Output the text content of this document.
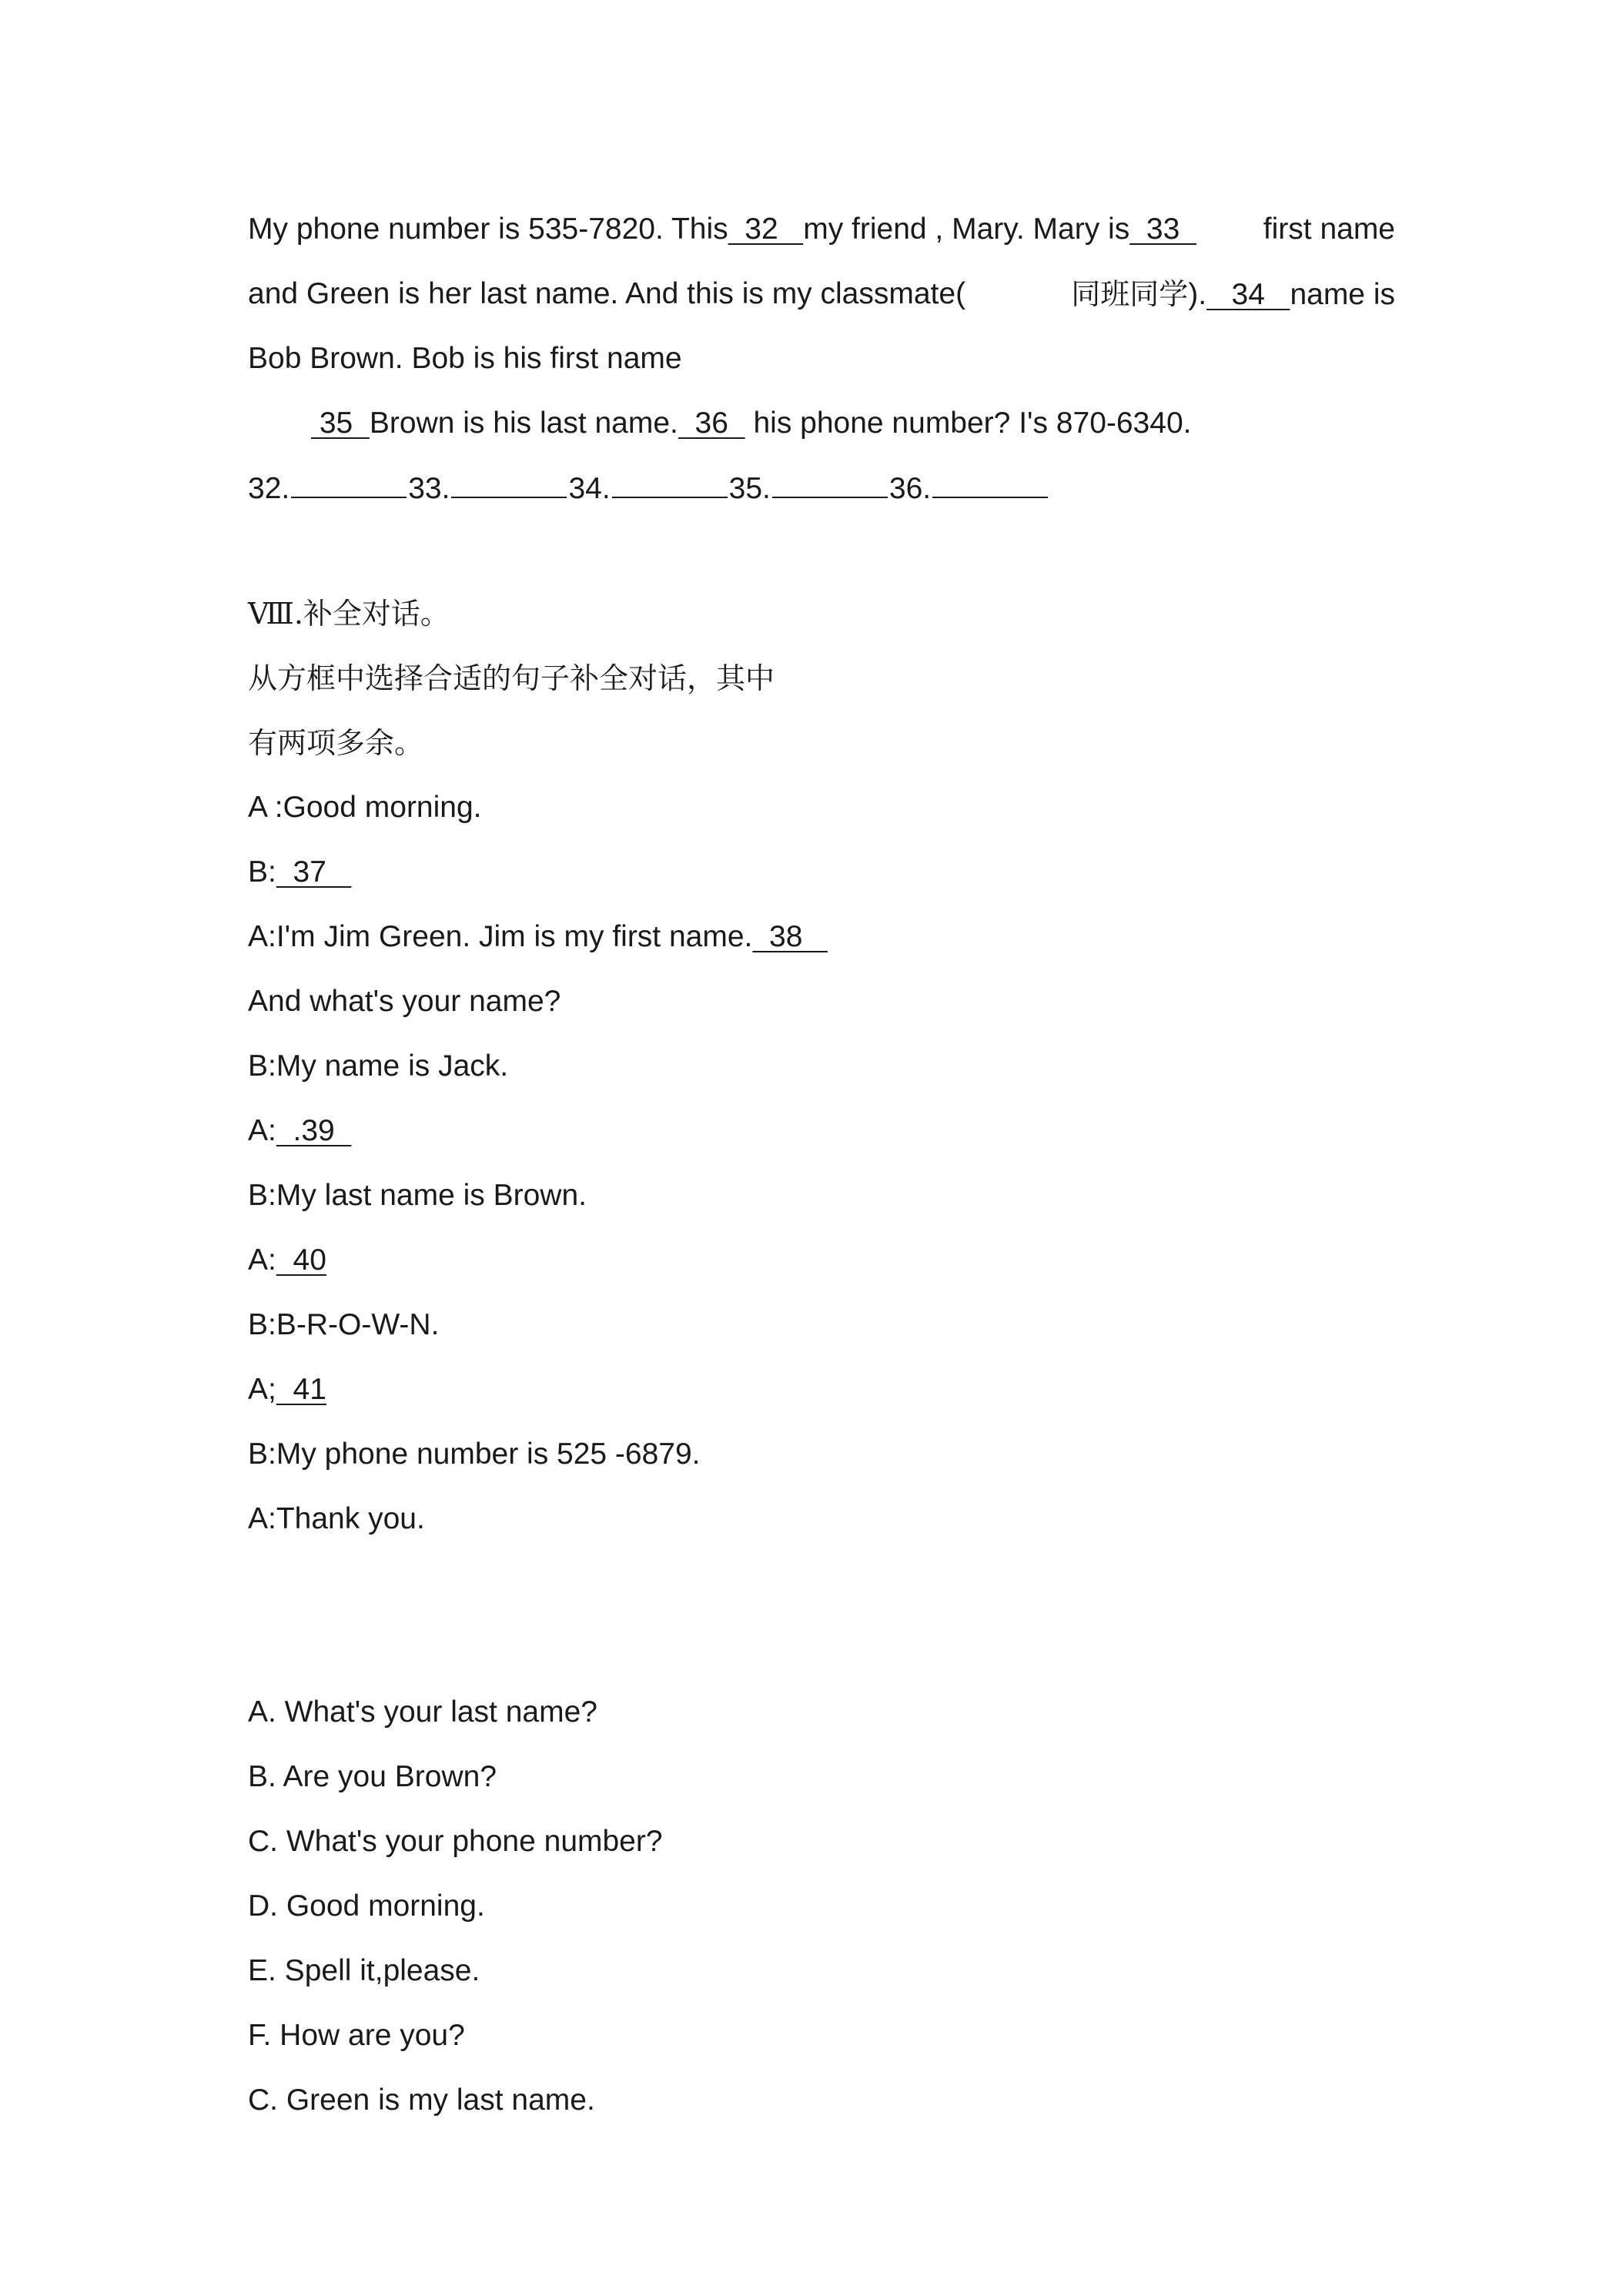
My phone number is 535-7820. This  32   my friend , Mary. Mary is  33 first name
and Green is her last name. And this is my classmate(	同班同学).   34   name is
Bob Brown. Bob is his first name
35  Brown is his last name.  36   his phone number? I's 870-6340.
32.	33.	34.	35.	36.
Ⅷ.补全对话。
从方框中选择合适的句子补全对话，其中
有两项多余。
A :Good morning.
B:  37
A:I'm Jim Green. Jim is my first name.  38
And what's your name?
B:My name is Jack.
A:  .39
B:My last name is Brown.
A:  40
B:B-R-O-W-N.
A;  41
B:My phone number is 525 -6879.
A:Thank you.
A. What's your last name?
B. Are you Brown?
C. What's your phone number?
D. Good morning.
E. Spell it,please.
F. How are you?
C. Green is my last name.
